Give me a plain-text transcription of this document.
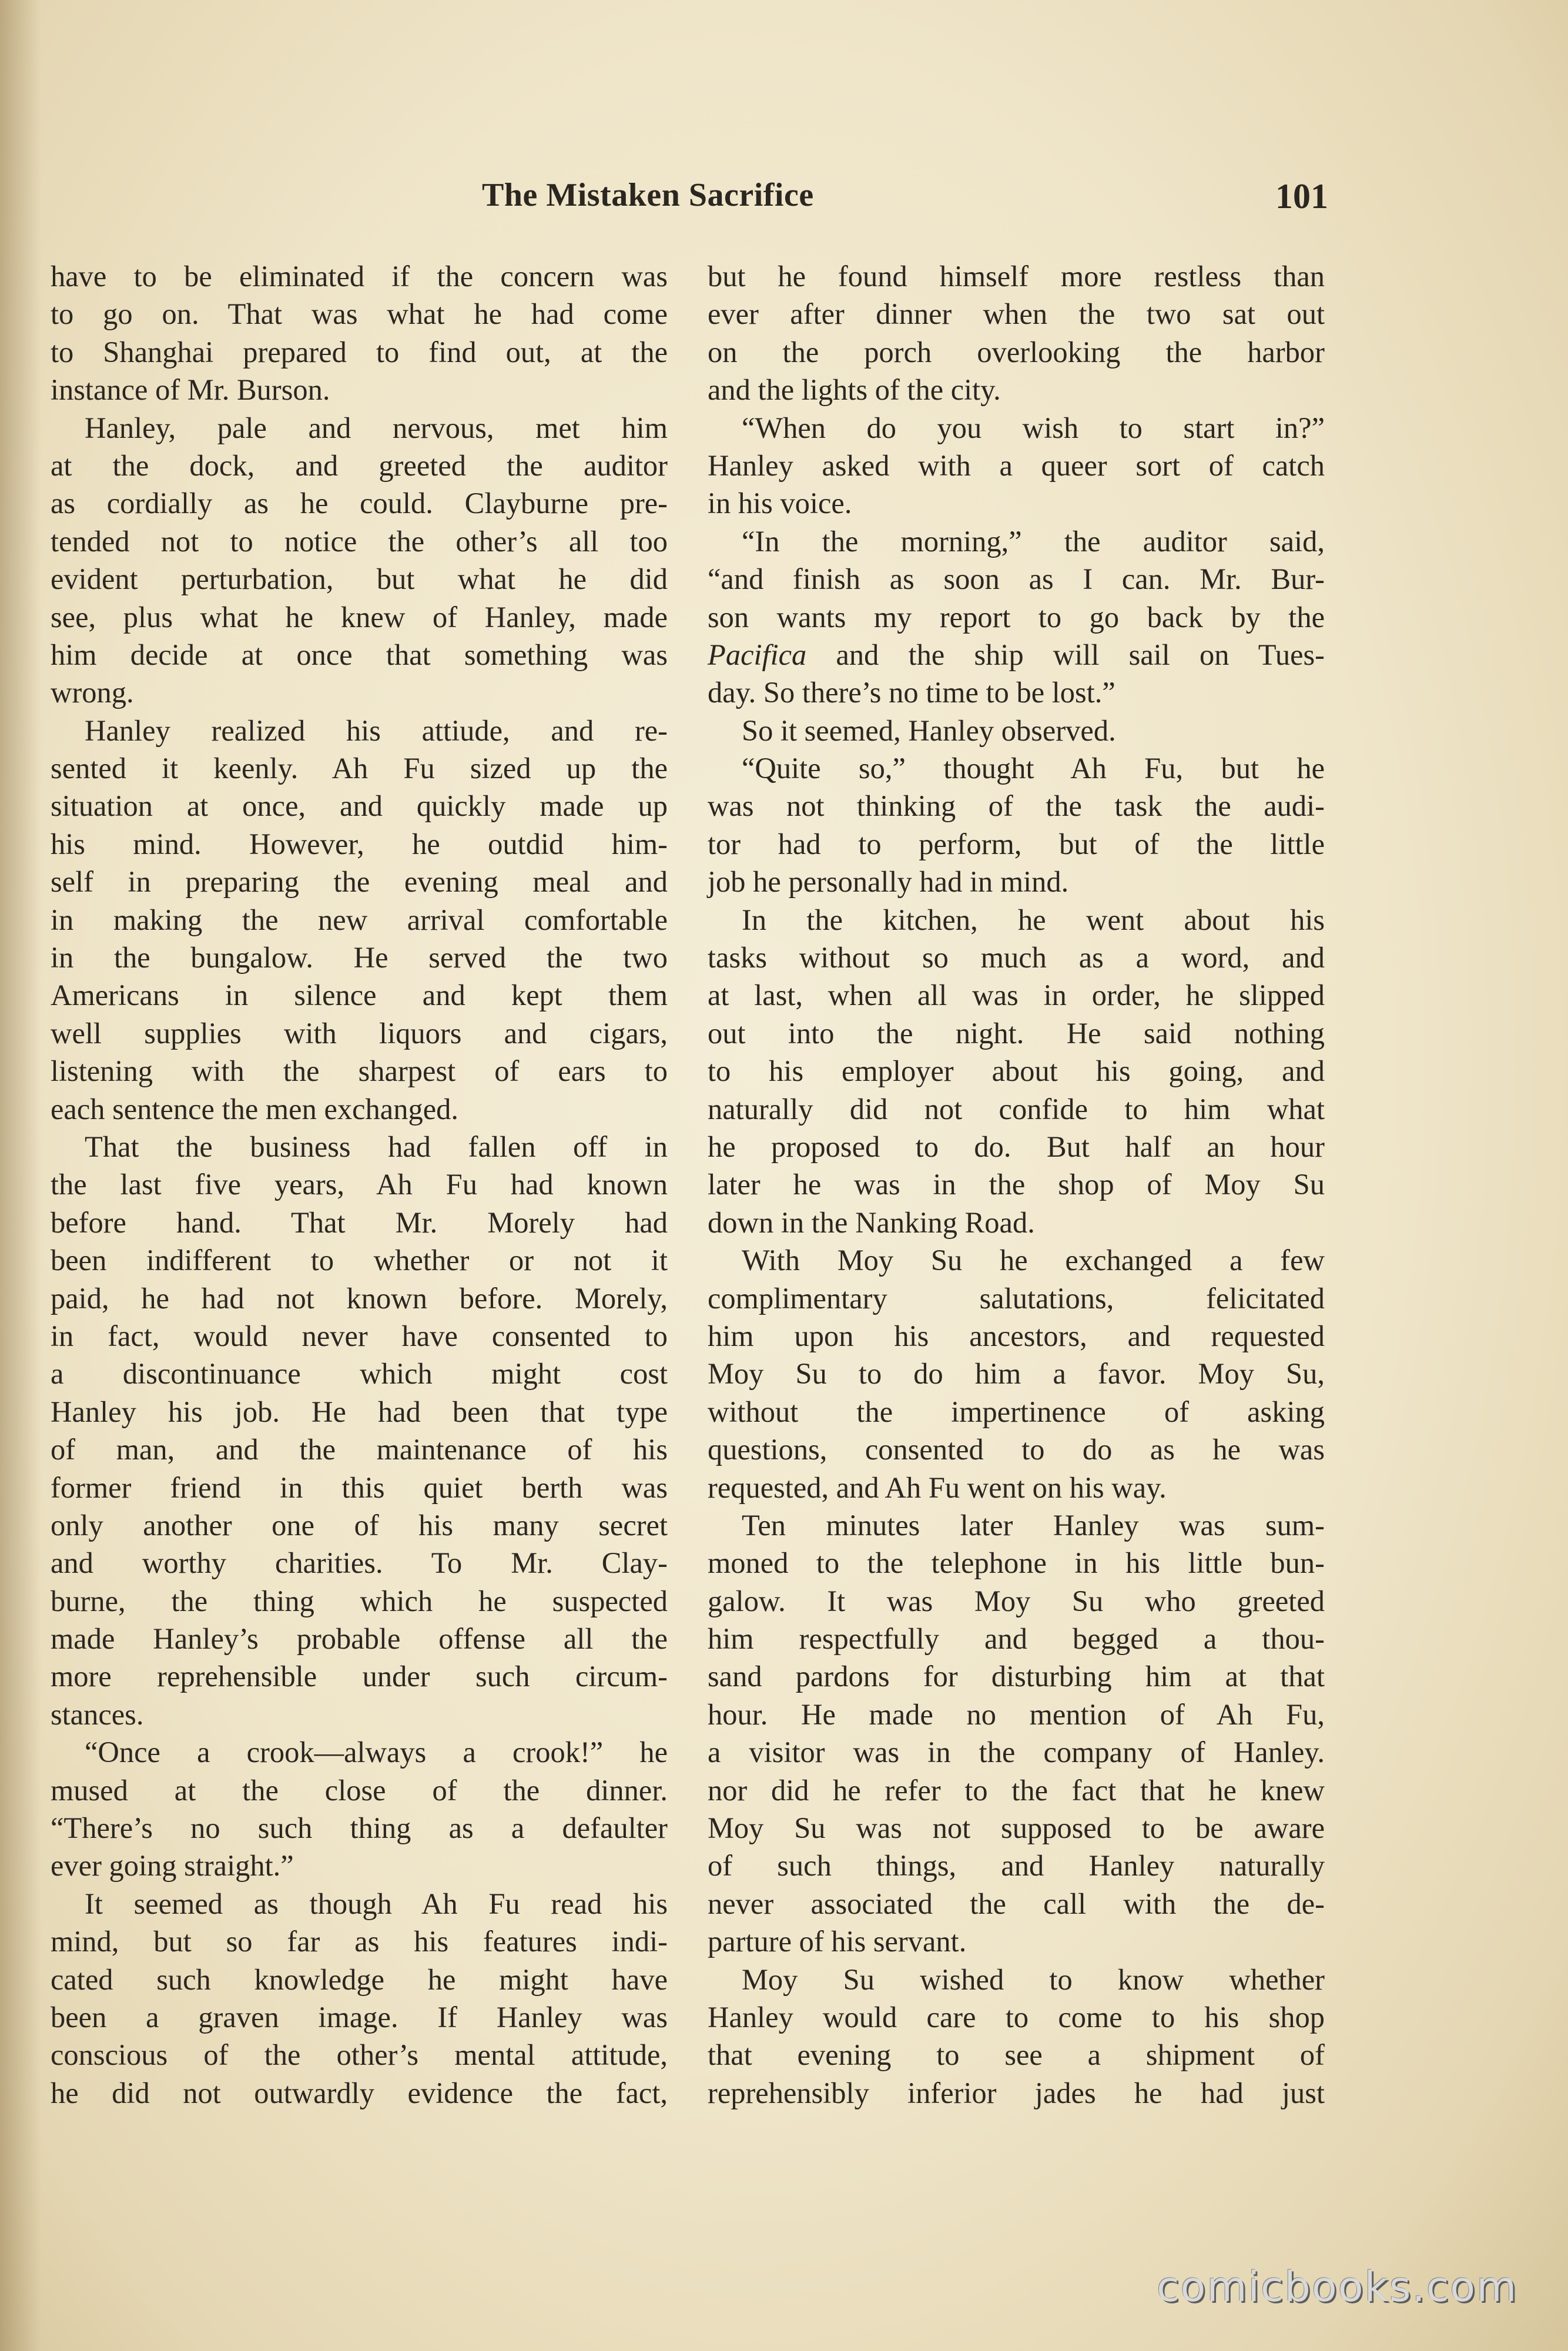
The Mistaken Sacrifice	101
have to be eliminated if the concern was
to go on. That was what he had come
to Shanghai prepared to find out, at the
instance of Mr. Burson.
Hanley, pale and nervous, met him
at the dock, and greeted the auditor
as cordially as he could. Clayburne pre-
tended not to notice the other’s all too
evident perturbation, but what he did
see, plus what he knew of Hanley, made
him decide at once that something was
wrong.
Hanley realized his attiude, and re-
sented it keenly. Ah Fu sized up the
situation at once, and quickly made up
his mind. However, he outdid him-
self in preparing the evening meal and
in making the new arrival comfortable
in the bungalow. He served the two
Americans in silence and kept them
well supplies with liquors and cigars,
listening with the sharpest of ears to
each sentence the men exchanged.
That the business had fallen off in
the last five years, Ah Fu had known
before hand. That Mr. Morely had
been indifferent to whether or not it
paid, he had not known before. Morely,
in fact, would never have consented to
a discontinuance which might cost
Hanley his job. He had been that type
of man, and the maintenance of his
former friend in this quiet berth was
only another one of his many secret
and worthy charities. To Mr. Clay-
burne, the thing which he suspected
made Hanley’s probable offense all the
more reprehensible under such circum-
stances.
“Once a crook—always a crook!” he
mused at the close of the dinner.
“There’s no such thing as a defaulter
ever going straight.”
It seemed as though Ah Fu read his
mind, but so far as his features indi-
cated such knowledge he might have
been a graven image. If Hanley was
conscious of the other’s mental attitude,
he did not outwardly evidence the fact,
but he found himself more restless than
ever after dinner when the two sat out
on the porch overlooking the harbor
and the lights of the city.
“When do you wish to start in?”
Hanley asked with a queer sort of catch
in his voice.
“In the morning,” the auditor said,
“and finish as soon as I can. Mr. Bur-
son wants my report to go back by the
Pacifica and the ship will sail on Tues-
day. So there’s no time to be lost.”
So it seemed, Hanley observed.
“Quite so,” thought Ah Fu, but he
was not thinking of the task the audi-
tor had to perform, but of the little
job he personally had in mind.
In the kitchen, he went about his
tasks without so much as a word, and
at last, when all was in order, he slipped
out into the night. He said nothing
to his employer about his going, and
naturally did not confide to him what
he proposed to do. But half an hour
later he was in the shop of Moy Su
down in the Nanking Road.
With Moy Su he exchanged a few
complimentary salutations, felicitated
him upon his ancestors, and requested
Moy Su to do him a favor. Moy Su,
without the impertinence of asking
questions, consented to do as he was
requested, and Ah Fu went on his way.
Ten minutes later Hanley was sum-
moned to the telephone in his little bun-
galow. It was Moy Su who greeted
him respectfully and begged a thou-
sand pardons for disturbing him at that
hour. He made no mention of Ah Fu,
a visitor was in the company of Hanley.
nor did he refer to the fact that he knew
Moy Su was not supposed to be aware
of such things, and Hanley naturally
never associated the call with the de-
parture of his servant.
Moy Su wished to know whether
Hanley would care to come to his shop
that evening to see a shipment of
reprehensibly inferior jades he had just
comicbooks.com
